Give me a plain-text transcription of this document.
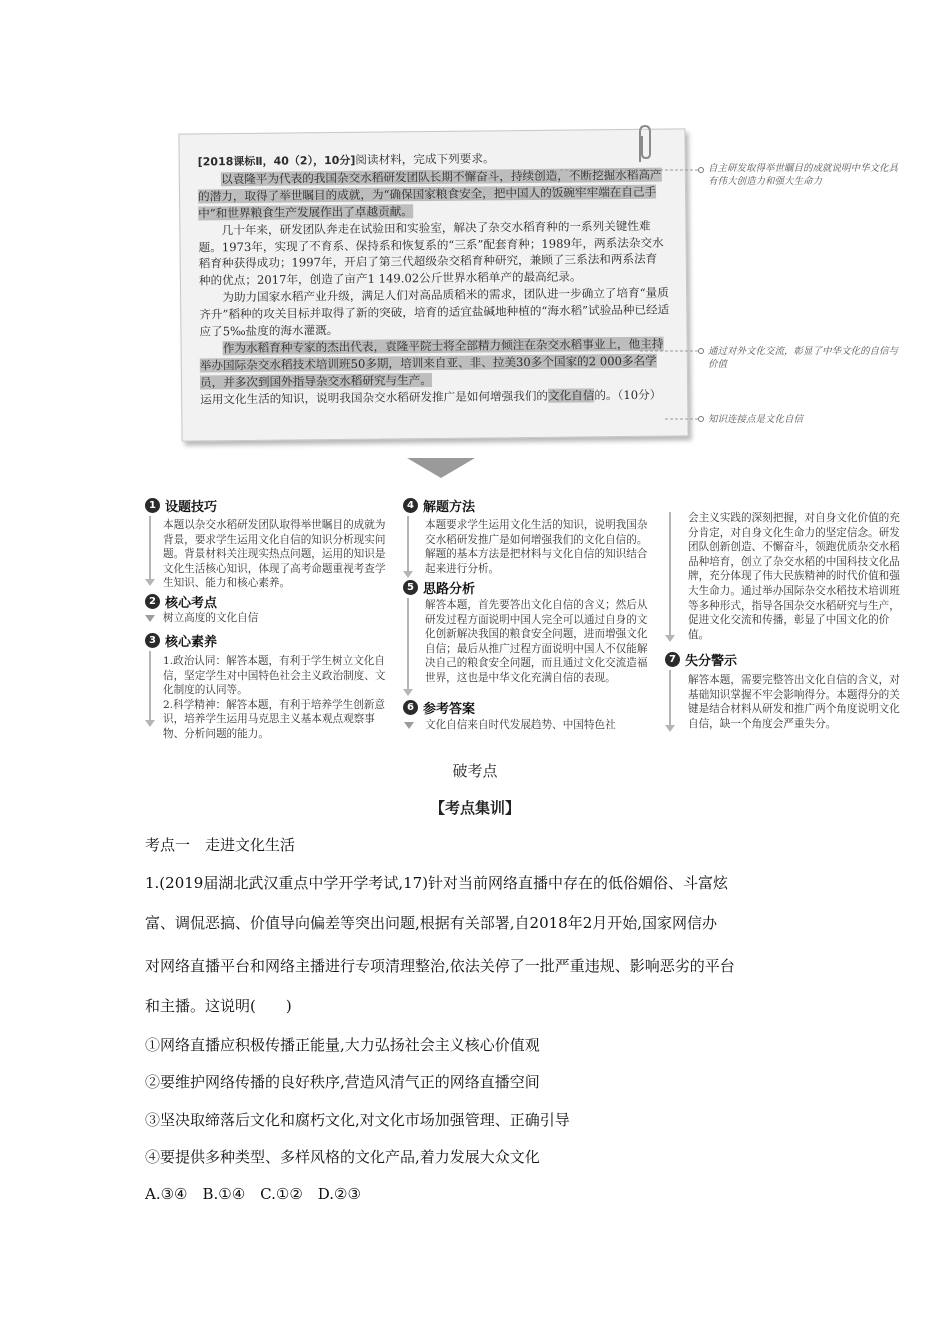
[2018课标Ⅱ，40（2），10分]阅读材料，完成下列要求。

以袁隆平为代表的我国杂交水稻研发团队长期不懈奋斗，持续创造，不断挖掘水稻高产的潜力，取得了举世瞩目的成就，为“确保国家粮食安全，把中国人的饭碗牢牢端在自己手中”和世界粮食生产发展作出了卓越贡献。

几十年来，研发团队奔走在试验田和实验室，解决了杂交水稻育种的一系列关键性难题。1973年，实现了不育系、保持系和恢复系的“三系”配套育种；1989年，两系法杂交水稻育种获得成功；1997年，开启了第三代超级杂交稻育种研究，兼顾了三系法和两系法育种的优点；2017年，创造了亩产1 149.02公斤世界水稻单产的最高纪录。

为助力国家水稻产业升级，满足人们对高品质稻米的需求，团队进一步确立了培育“量质齐升”稻种的攻关目标并取得了新的突破，培育的适宜盐碱地种植的“海水稻”试验品种已经适应了5‰盐度的海水灌溉。

作为水稻育种专家的杰出代表，袁隆平院士将全部精力倾注在杂交水稻事业上，他主持举办国际杂交水稻技术培训班50多期，培训来自亚、非、拉美30多个国家的2 000多名学员，并多次到国外指导杂交水稻研究与生产。

运用文化生活的知识，说明我国杂交水稻研发推广是如何增强我们的文化自信的。（10分）

自主研发取得举世瞩目的成就说明中华文化具有伟大创造力和强大生命力
通过对外文化交流，彰显了中华文化的自信与价值
知识连接点是文化自信
1 设题技巧
本题以杂交水稻研发团队取得举世瞩目的成就为背景，要求学生运用文化自信的知识分析现实问题。背景材料关注现实热点问题，运用的知识是文化生活核心知识，体现了高考命题重视考查学生知识、能力和核心素养。
2 核心考点
树立高度的文化自信
3 核心素养

1.政治认同：解答本题，有利于学生树立文化自信，坚定学生对中国特色社会主义政治制度、文化制度的认同等。

2.科学精神：解答本题，有利于培养学生创新意识，培养学生运用马克思主义基本观点观察事物、分析问题的能力。

4 解题方法
本题要求学生运用文化生活的知识，说明我国杂交水稻研发推广是如何增强我们的文化自信的。解题的基本方法是把材料与文化自信的知识结合起来进行分析。
5 思路分析
解答本题，首先要答出文化自信的含义；然后从研发过程方面说明中国人完全可以通过自身的文化创新解决我国的粮食安全问题，进而增强文化自信；最后从推广过程方面说明中国人不仅能解决自己的粮食安全问题，而且通过文化交流造福世界，这也是中华文化充满自信的表现。
6 参考答案
文化自信来自时代发展趋势、中国特色社
会主义实践的深刻把握，对自身文化价值的充分肯定，对自身文化生命力的坚定信念。研发团队创新创造、不懈奋斗，领跑优质杂交水稻品种培育，创立了杂交水稻的中国科技文化品牌，充分体现了伟大民族精神的时代价值和强大生命力。通过举办国际杂交水稻技术培训班等多种形式，指导各国杂交水稻研究与生产，促进文化交流和传播，彰显了中国文化的价值。
7 失分警示
解答本题，需要完整答出文化自信的含义，对基础知识掌握不牢会影响得分。本题得分的关键是结合材料从研发和推广两个角度说明文化自信，缺一个角度会严重失分。
破考点
【考点集训】
考点一　走进文化生活
1.(2019届湖北武汉重点中学开学考试,17)针对当前网络直播中存在的低俗媚俗、斗富炫
富、调侃恶搞、价值导向偏差等突出问题,根据有关部署,自2018年2月开始,国家网信办
对网络直播平台和网络主播进行专项清理整治,依法关停了一批严重违规、影响恶劣的平台
和主播。这说明(　　)
①网络直播应积极传播正能量,大力弘扬社会主义核心价值观
②要维护网络传播的良好秩序,营造风清气正的网络直播空间
③坚决取缔落后文化和腐朽文化,对文化市场加强管理、正确引导
④要提供多种类型、多样风格的文化产品,着力发展大众文化
A.③④　B.①④　C.①②　D.②③
